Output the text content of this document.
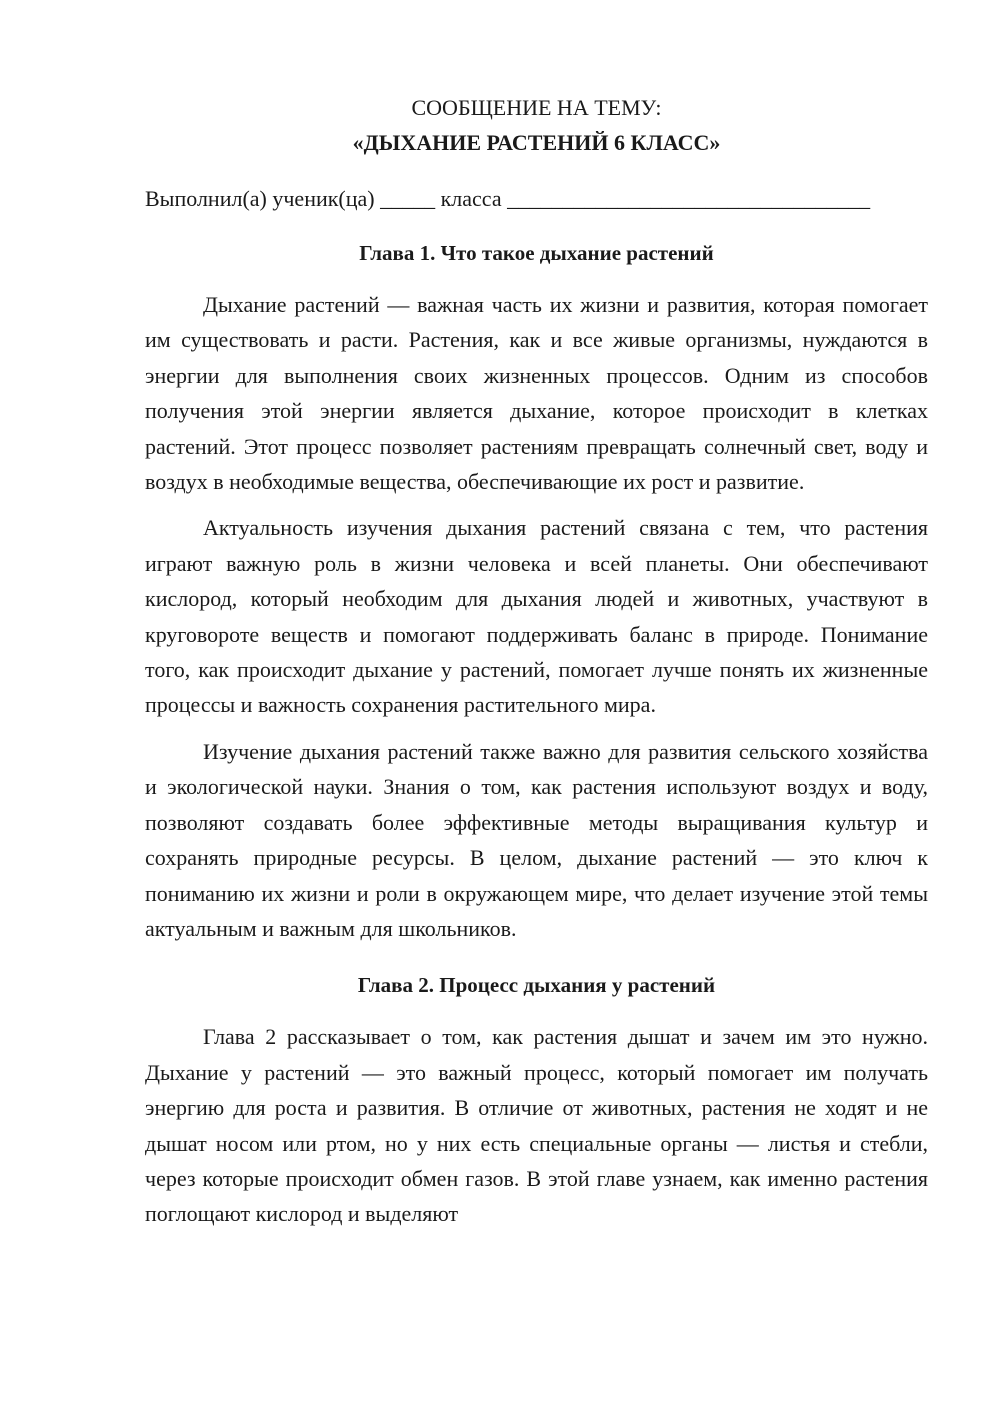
СООБЩЕНИЕ НА ТЕМУ:

«ДЫХАНИЕ РАСТЕНИЙ 6 КЛАСС»

Выполнил(а) ученик(ца) _____ класса _________________________________
Глава 1. Что такое дыхание растений

Дыхание растений — важная часть их жизни и развития, которая помогает им существовать и расти. Растения, как и все живые организмы, нуждаются в энергии для выполнения своих жизненных процессов. Одним из способов получения этой энергии является дыхание, которое происходит в клетках растений. Этот процесс позволяет растениям превращать солнечный свет, воду и воздух в необходимые вещества, обеспечивающие их рост и развитие.

Актуальность изучения дыхания растений связана с тем, что растения играют важную роль в жизни человека и всей планеты. Они обеспечивают кислород, который необходим для дыхания людей и животных, участвуют в круговороте веществ и помогают поддерживать баланс в природе. Понимание того, как происходит дыхание у растений, помогает лучше понять их жизненные процессы и важность сохранения растительного мира.

Изучение дыхания растений также важно для развития сельского хозяйства и экологической науки. Знания о том, как растения используют воздух и воду, позволяют создавать более эффективные методы выращивания культур и сохранять природные ресурсы. В целом, дыхание растений — это ключ к пониманию их жизни и роли в окружающем мире, что делает изучение этой темы актуальным и важным для школьников.

Глава 2. Процесс дыхания у растений

Глава 2 рассказывает о том, как растения дышат и зачем им это нужно. Дыхание у растений — это важный процесс, который помогает им получать энергию для роста и развития. В отличие от животных, растения не ходят и не дышат носом или ртом, но у них есть специальные органы — листья и стебли, через которые происходит обмен газов. В этой главе узнаем, как именно растения поглощают кислород и выделяют
